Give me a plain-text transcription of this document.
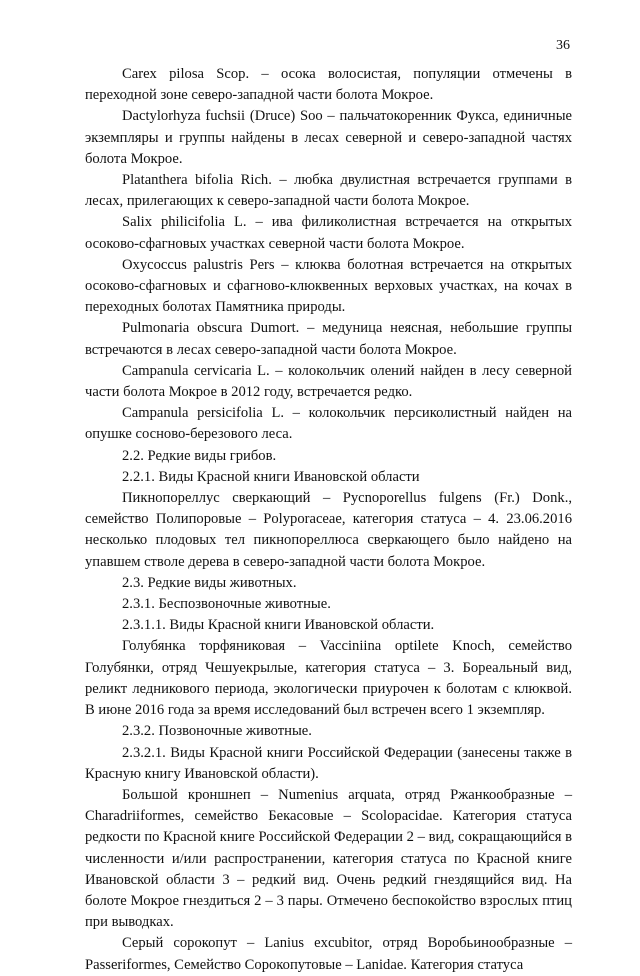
36

Carex pilosa Scop. – осока волосистая, популяции отмечены в переходной зоне северо-западной части болота Мокрое.

Dactylorhyza fuchsii (Druce) Soo – пальчатокоренник Фукса, единичные экземпляры и группы найдены в лесах северной и северо-западной частях болота Мокрое.

Platanthera bifolia Rich. – любка двулистная встречается группами в лесах, прилегающих к северо-западной части болота Мокрое.

Salix philicifolia L. – ива филиколистная встречается на открытых осоково-сфагновых участках северной части болота Мокрое.

Oxycoccus palustris Pers – клюква болотная встречается на открытых осоково-сфагновых и сфагново-клюквенных верховых участках, на кочах в переходных болотах Памятника природы.

Pulmonaria obscura Dumort. – медуница неясная, небольшие группы встречаются в лесах северо-западной части болота Мокрое.

Campanula cervicaria L. – колокольчик олений найден в лесу северной части болота Мокрое в 2012 году, встречается редко.

Campanula persicifolia L. – колокольчик персиколистный найден на опушке сосново-березового леса.

2.2. Редкие виды грибов.

2.2.1. Виды Красной книги Ивановской области

Пикнопореллус сверкающий – Pycnoporellus fulgens (Fr.) Donk., семейство Полипоровые – Polyporaceae, категория статуса – 4. 23.06.2016 несколько плодовых тел пикнопореллюса сверкающего было найдено на упавшем стволе дерева в северо-западной части болота Мокрое.

2.3. Редкие виды животных.

2.3.1. Беспозвоночные животные.

2.3.1.1. Виды Красной книги Ивановской области.

Голубянка торфяниковая – Vacciniina optilete Knoch, семейство Голубянки, отряд Чешуекрылые, категория статуса – 3. Бореальный вид, реликт ледникового периода, экологически приурочен к болотам с клюквой. В июне 2016 года за время исследований был встречен всего 1 экземпляр.

2.3.2. Позвоночные животные.

2.3.2.1. Виды Красной книги Российской Федерации (занесены также в Красную книгу Ивановской области).

Большой кроншнеп – Numenius arquata, отряд Ржанкообразные – Charadriiformes, семейство Бекасовые – Scolopacidae. Категория статуса редкости по Красной книге Российской Федерации 2 – вид, сокращающийся в численности и/или распространении, категория статуса по Красной книге Ивановской области 3 – редкий вид. Очень редкий гнездящийся вид. На болоте Мокрое гнездиться 2 – 3 пары. Отмечено беспокойство взрослых птиц при выводках.

Серый сорокопут – Lanius excubitor, отряд Воробьинообразные – Passeriformes, Семейство Сорокопутовые – Lanidae. Категория статуса
